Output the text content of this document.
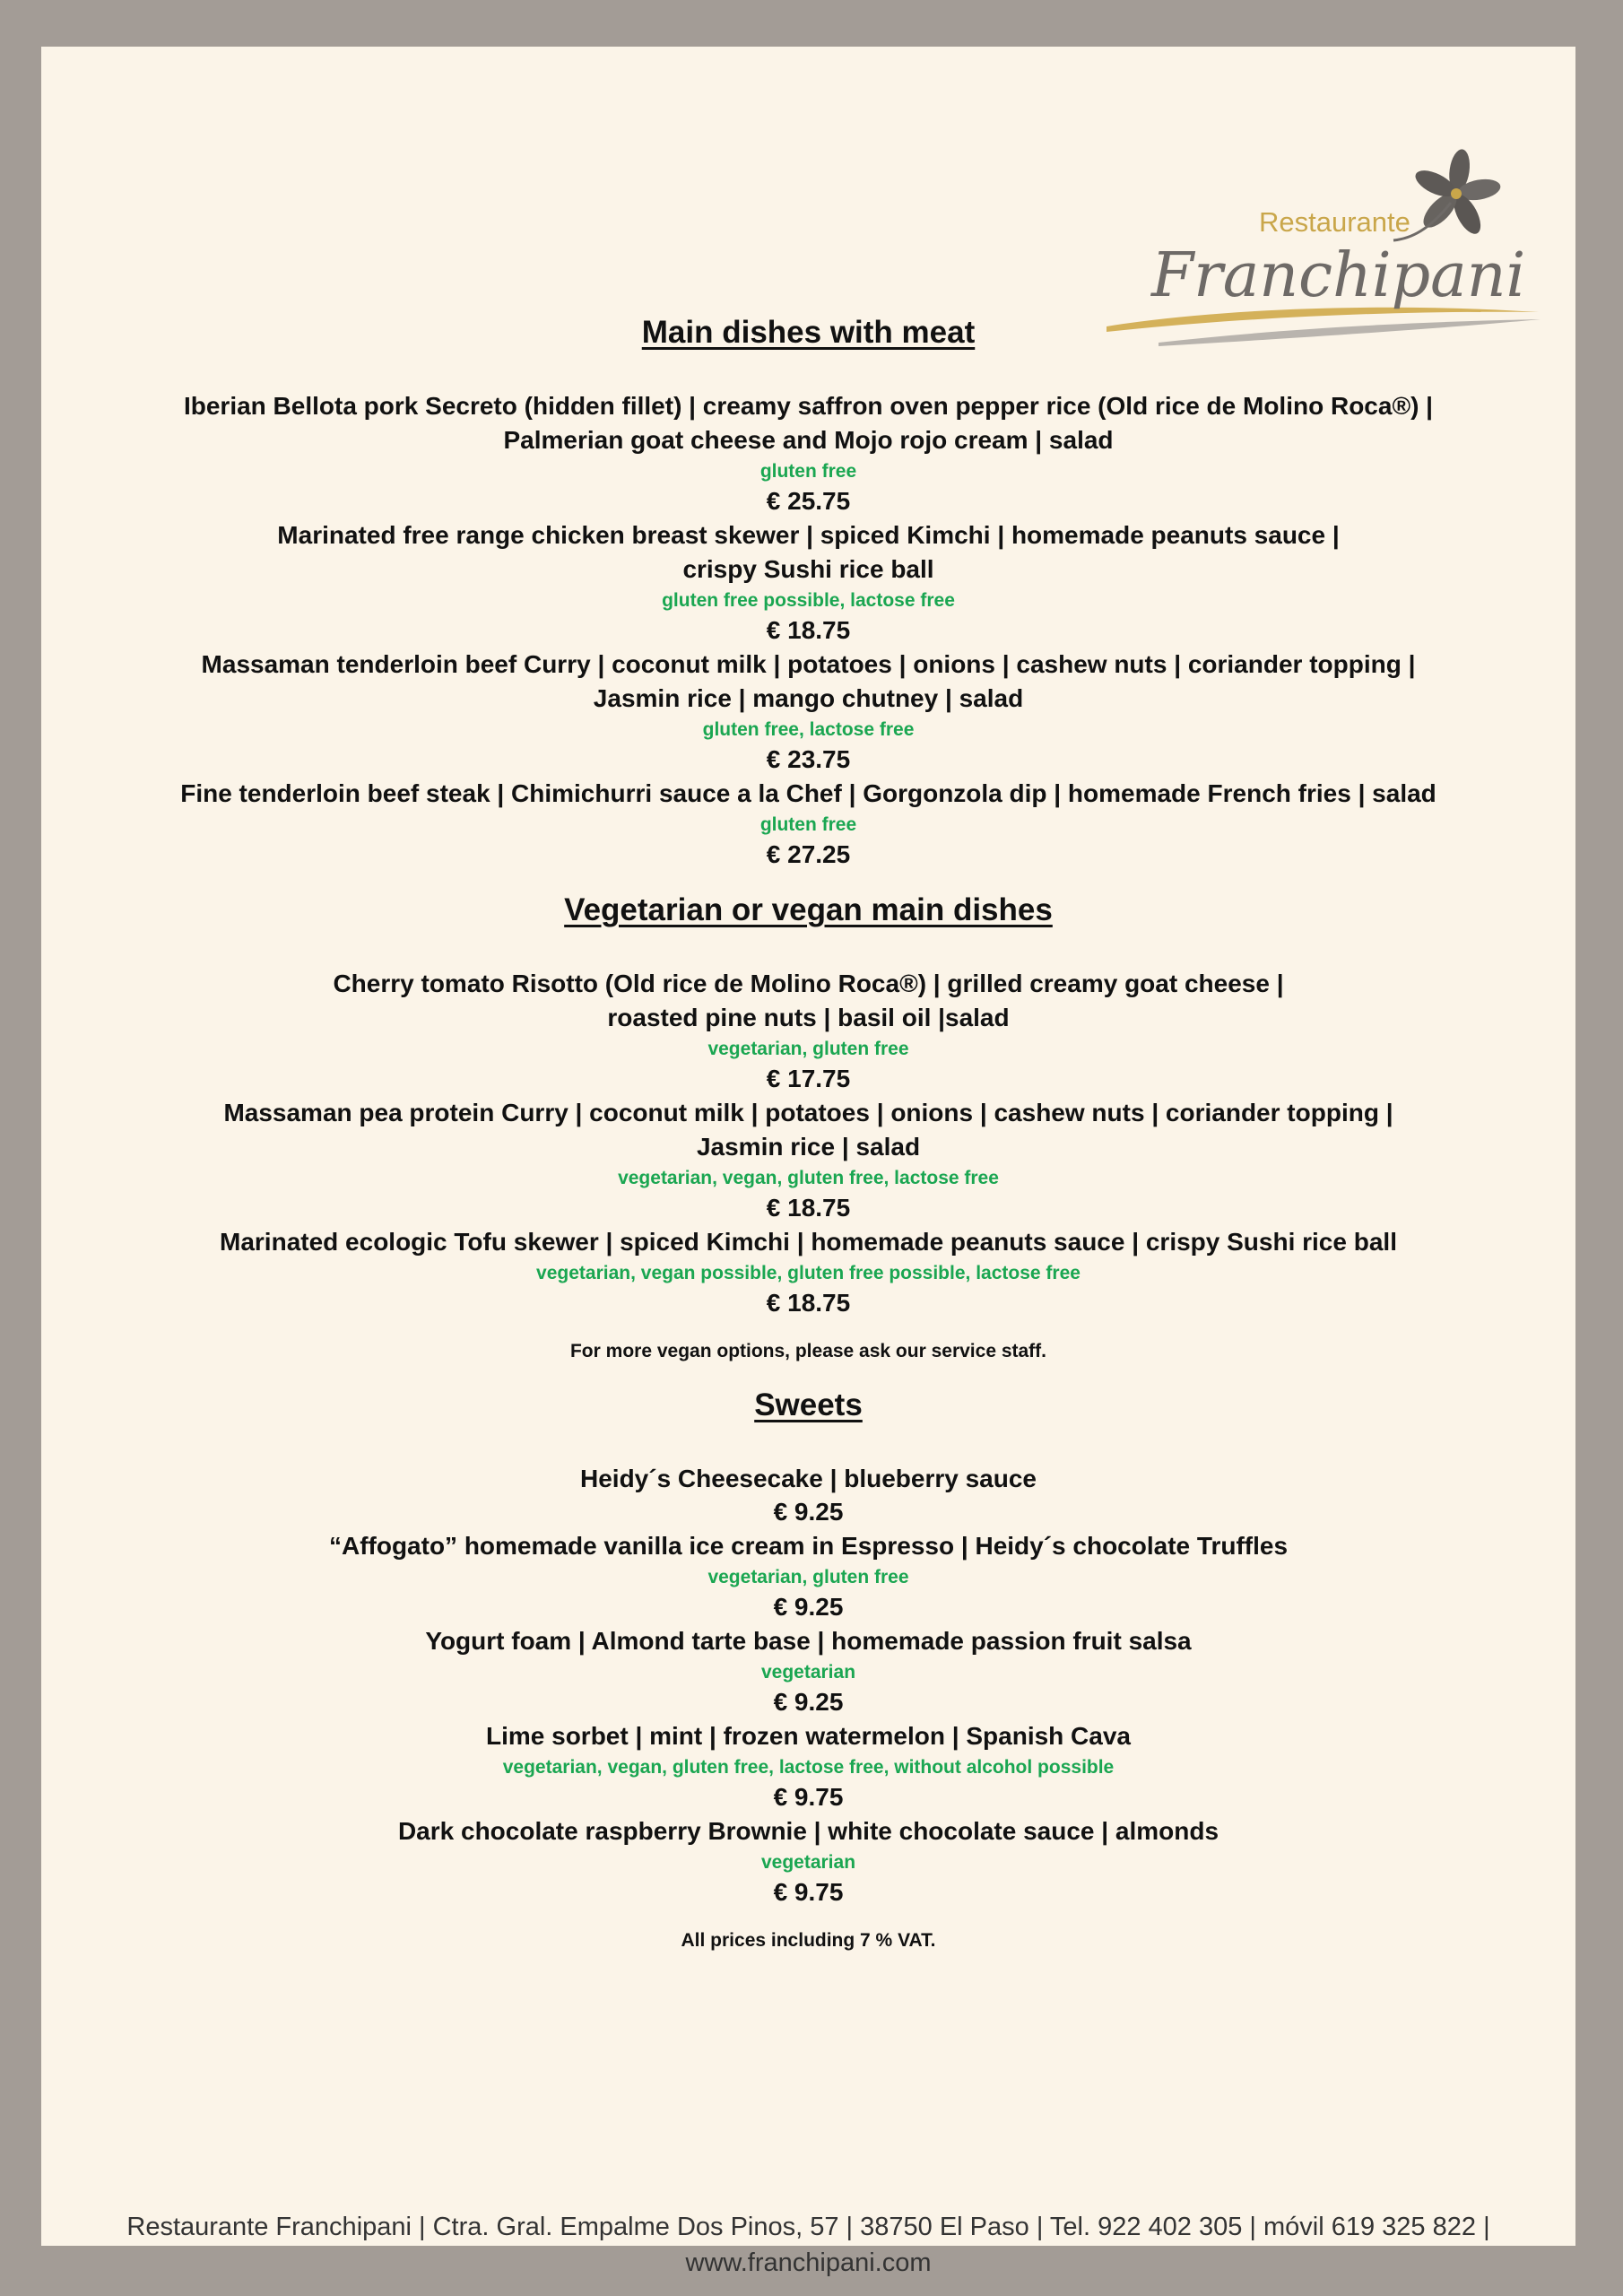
Restaurante
Franchipani
Main dishes with meat
Iberian Bellota pork Secreto (hidden fillet) | creamy saffron oven pepper rice (Old rice de Molino Roca®) |
Palmerian goat cheese and Mojo rojo cream | salad
gluten free
€ 25.75
Marinated free range chicken breast skewer | spiced Kimchi | homemade peanuts sauce |
crispy Sushi rice ball
gluten free possible, lactose free
€ 18.75
Massaman tenderloin beef Curry | coconut milk | potatoes | onions | cashew nuts | coriander topping |
Jasmin rice | mango chutney | salad
gluten free, lactose free
€ 23.75
Fine tenderloin beef steak | Chimichurri sauce a la Chef | Gorgonzola dip | homemade French fries | salad
gluten free
€ 27.25
Vegetarian or vegan main dishes
Cherry tomato Risotto (Old rice de Molino Roca®) | grilled creamy goat cheese |
roasted pine nuts | basil oil |salad
vegetarian, gluten free
€ 17.75
Massaman pea protein Curry | coconut milk | potatoes | onions | cashew nuts | coriander topping |
Jasmin rice | salad
vegetarian, vegan, gluten free, lactose free
€ 18.75
Marinated ecologic Tofu skewer | spiced Kimchi | homemade peanuts sauce | crispy Sushi rice ball
vegetarian, vegan possible, gluten free possible, lactose free
€ 18.75
For more vegan options, please ask our service staff.
Sweets
Heidy´s Cheesecake | blueberry sauce
€ 9.25
“Affogato” homemade vanilla ice cream in Espresso | Heidy´s chocolate Truffles
vegetarian, gluten free
€ 9.25
Yogurt foam | Almond tarte base | homemade passion fruit salsa
vegetarian
€ 9.25
Lime sorbet | mint | frozen watermelon | Spanish Cava
vegetarian, vegan, gluten free, lactose free, without alcohol possible
€ 9.75
Dark chocolate raspberry Brownie | white chocolate sauce | almonds
vegetarian
€ 9.75
All prices including 7 % VAT.
Restaurante Franchipani | Ctra. Gral. Empalme Dos Pinos, 57 | 38750 El Paso | Tel. 922 402 305 | móvil 619 325 822 | www.franchipani.com
